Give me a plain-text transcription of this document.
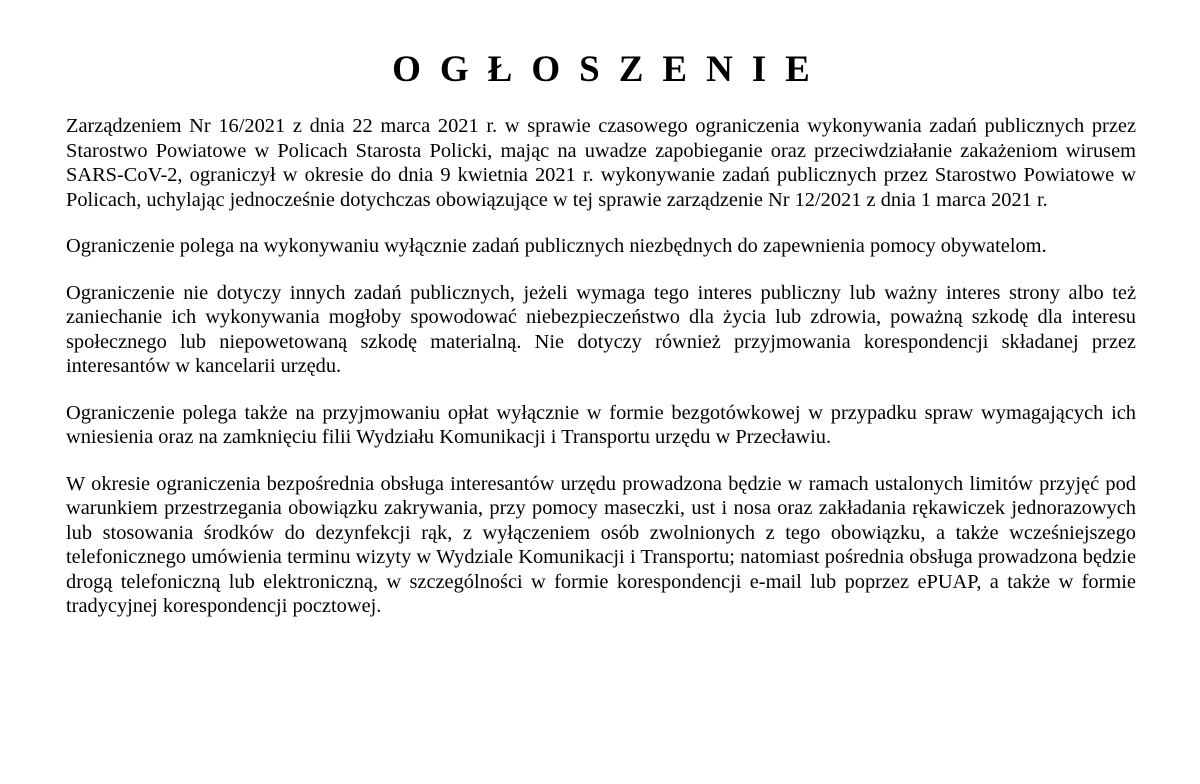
OGŁOSZENIE

Zarządzeniem Nr 16/2021 z dnia 22 marca 2021 r. w sprawie czasowego ograniczenia wykonywania zadań publicznych przez Starostwo Powiatowe w Policach Starosta Policki, mając na uwadze zapobieganie oraz przeciwdziałanie zakażeniom wirusem SARS-CoV-2, ograniczył w okresie do dnia 9 kwietnia 2021 r. wykonywanie zadań publicznych przez Starostwo Powiatowe w Policach, uchylając jednocześnie dotychczas obowiązujące w tej sprawie zarządzenie Nr 12/2021 z dnia 1 marca 2021 r.

Ograniczenie polega na wykonywaniu wyłącznie zadań publicznych niezbędnych do zapewnienia pomocy obywatelom.

Ograniczenie nie dotyczy innych zadań publicznych, jeżeli wymaga tego interes publiczny lub ważny interes strony albo też zaniechanie ich wykonywania mogłoby spowodować niebezpieczeństwo dla życia lub zdrowia, poważną szkodę dla interesu społecznego lub niepowetowaną szkodę materialną. Nie dotyczy również przyjmowania korespondencji składanej przez interesantów w kancelarii urzędu.

Ograniczenie polega także na przyjmowaniu opłat wyłącznie w formie bezgotówkowej w przypadku spraw wymagających ich wniesienia oraz na zamknięciu filii Wydziału Komunikacji i Transportu urzędu w Przecławiu.

W okresie ograniczenia bezpośrednia obsługa interesantów urzędu prowadzona będzie w ramach ustalonych limitów przyjęć pod warunkiem przestrzegania obowiązku zakrywania, przy pomocy maseczki, ust i nosa oraz zakładania rękawiczek jednorazowych lub stosowania środków do dezynfekcji rąk, z wyłączeniem osób zwolnionych z tego obowiązku, a także wcześniejszego telefonicznego umówienia terminu wizyty w Wydziale Komunikacji i Transportu; natomiast pośrednia obsługa prowadzona będzie drogą telefoniczną lub elektroniczną, w szczególności w formie korespondencji e-mail lub poprzez ePUAP, a także w formie tradycyjnej korespondencji pocztowej.
